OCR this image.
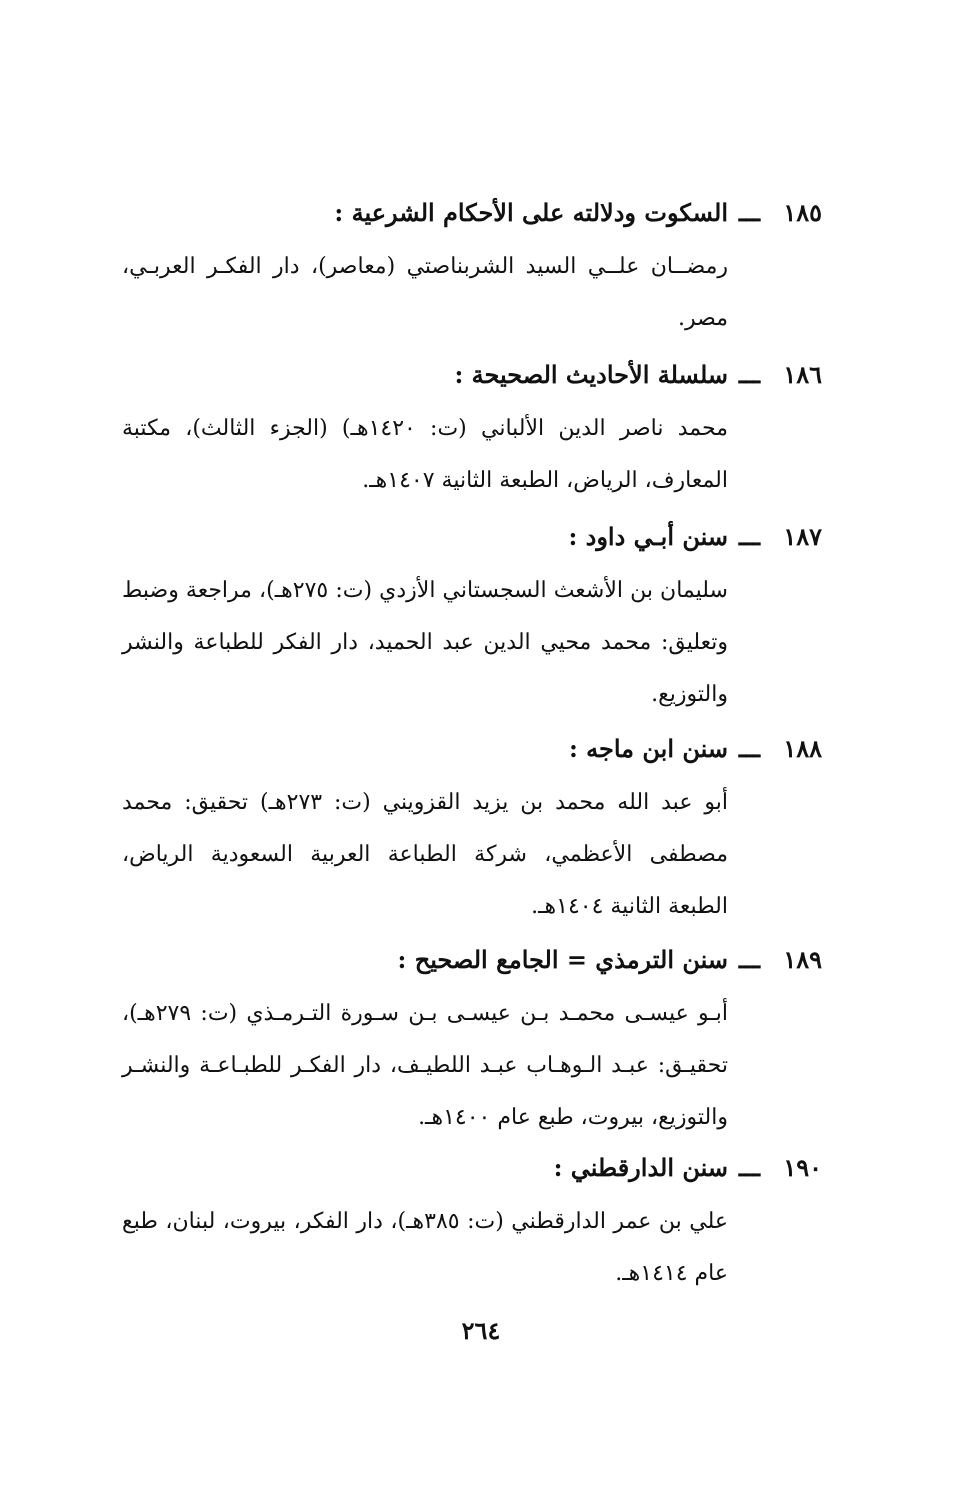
١٨٥
ـــ
السكوت ودلالته على الأحكام الشرعية :
رمضــان علــي السيد الشربناصتي (معاصر)، دار الفكـر العربـي، مصر.
١٨٦
ـــ
سلسلة الأحاديث الصحيحة :
محمد ناصر الدين الألباني (ت: ١٤٢٠هـ) (الجزء الثالث)، مكتبة المعارف، الرياض، الطبعة الثانية ١٤٠٧هـ.
١٨٧
ـــ
سنن أبـي داود :
سليمان بن الأشعث السجستاني الأزدي (ت: ٢٧٥هـ)، مراجعة وضبط وتعليق: محمد محيي الدين عبد الحميد، دار الفكر للطباعة والنشر والتوزيع.
١٨٨
ـــ
سنن ابن ماجه :
أبو عبد الله محمد بن يزيد القزويني (ت: ٢٧٣هـ) تحقيق: محمد مصطفى الأعظمي، شركة الطباعة العربية السعودية الرياض، الطبعة الثانية ١٤٠٤هـ.
١٨٩
ـــ
سنن الترمذي = الجامع الصحيح :
أبـو عيسـى محمـد بـن عيسـى بـن سـورة التـرمـذي (ت: ٢٧٩هـ)، تحقيـق: عبـد الـوهـاب عبـد اللطيـف، دار الفكـر للطبـاعـة والنشـر والتوزيع، بيروت، طبع عام ١٤٠٠هـ.
١٩٠
ـــ
سنن الدارقطني :
علي بن عمر الدارقطني (ت: ٣٨٥هـ)، دار الفكر، بيروت، لبنان، طبع عام ١٤١٤هـ.
٢٦٤
